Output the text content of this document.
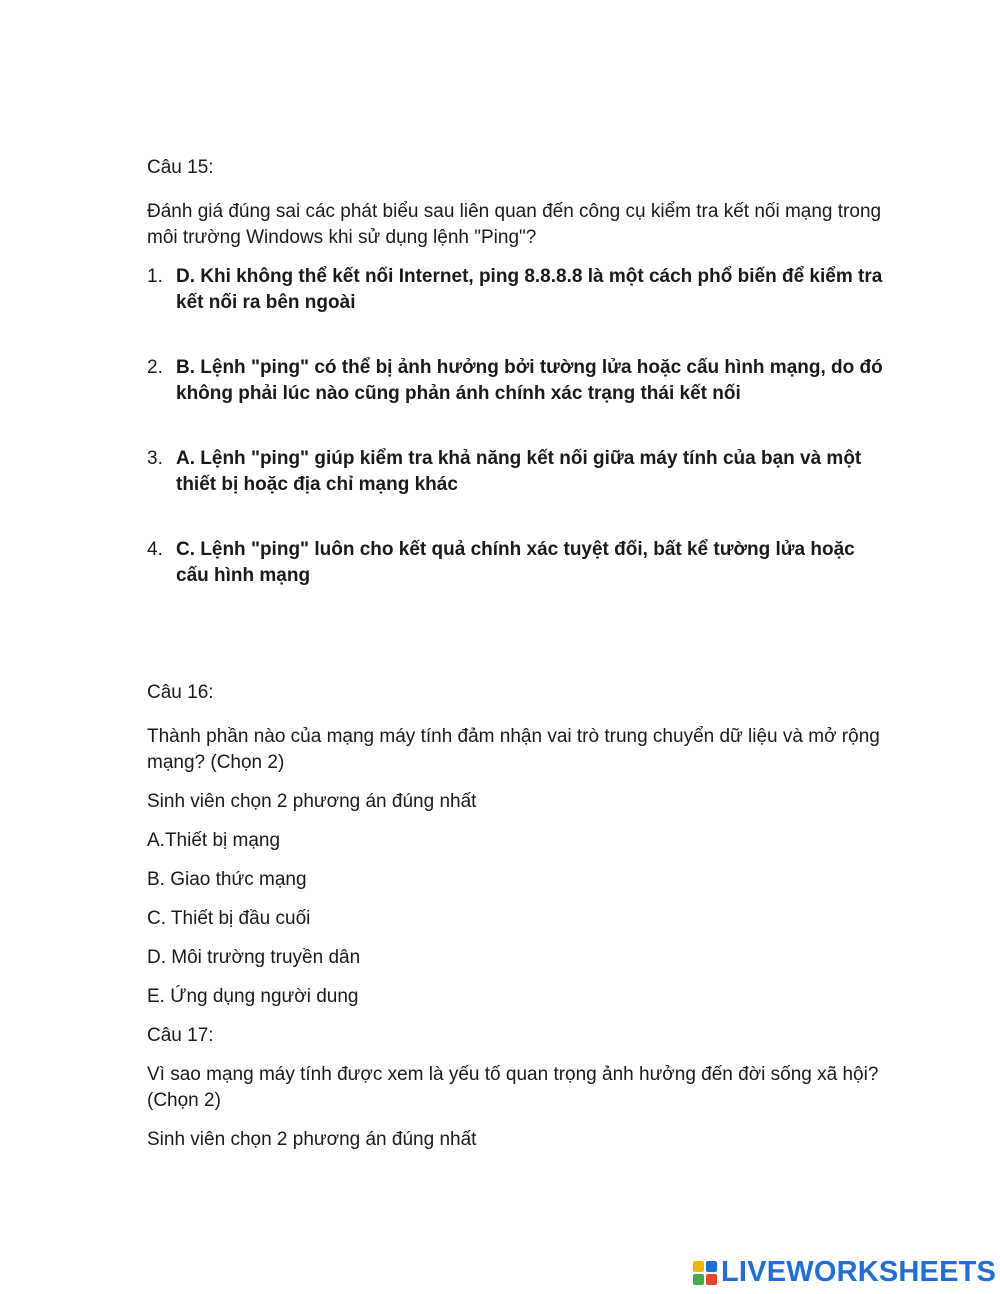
Câu 15:

Đánh giá đúng sai các phát biểu sau liên quan đến công cụ kiểm tra kết nối mạng trong môi trường Windows khi sử dụng lệnh "Ping"?

1. D. Khi không thể kết nối Internet, ping 8.8.8.8 là một cách phổ biến để kiểm tra kết nối ra bên ngoài
2. B. Lệnh "ping" có thể bị ảnh hưởng bởi tường lửa hoặc cấu hình mạng, do đó không phải lúc nào cũng phản ánh chính xác trạng thái kết nối
3. A. Lệnh "ping" giúp kiểm tra khả năng kết nối giữa máy tính của bạn và một thiết bị hoặc địa chỉ mạng khác
4. C. Lệnh "ping" luôn cho kết quả chính xác tuyệt đối, bất kể tường lửa hoặc cấu hình mạng

Câu 16:

Thành phần nào của mạng máy tính đảm nhận vai trò trung chuyển dữ liệu và mở rộng mạng? (Chọn 2)

Sinh viên chọn 2 phương án đúng nhất

A.Thiết bị mạng

B. Giao thức mạng

C. Thiết bị đầu cuối

D. Môi trường truyền dân

E. Ứng dụng người dung

Câu 17:

Vì sao mạng máy tính được xem là yếu tố quan trọng ảnh hưởng đến đời sống xã hội? (Chọn 2)

Sinh viên chọn 2 phương án đúng nhất

LIVEWORKSHEETS
